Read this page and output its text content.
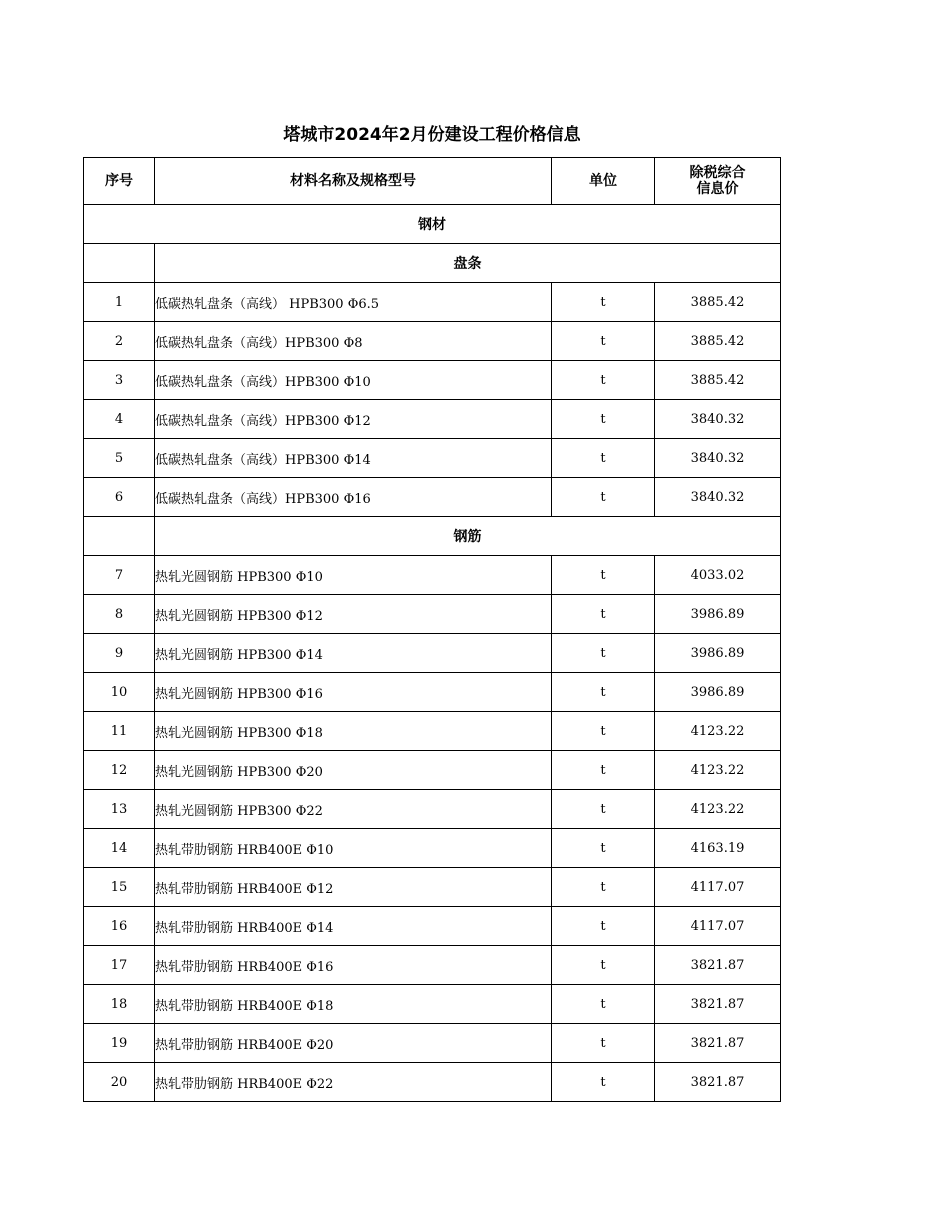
塔城市2024年2月份建设工程价格信息
序号	材料名称及规格型号	单位	除税综合
信息价

钢材			
	盘条		
1	低碳热轧盘条（高线） HPB300 Φ6.5	t	3885.42
2	低碳热轧盘条（高线）HPB300 Φ8	t	3885.42
3	低碳热轧盘条（高线）HPB300 Φ10	t	3885.42
4	低碳热轧盘条（高线）HPB300 Φ12	t	3840.32
5	低碳热轧盘条（高线）HPB300 Φ14	t	3840.32
6	低碳热轧盘条（高线）HPB300 Φ16	t	3840.32
	钢筋		
7	热轧光圆钢筋 HPB300 Φ10	t	4033.02
8	热轧光圆钢筋 HPB300 Φ12	t	3986.89
9	热轧光圆钢筋 HPB300 Φ14	t	3986.89
10	热轧光圆钢筋 HPB300 Φ16	t	3986.89
11	热轧光圆钢筋 HPB300 Φ18	t	4123.22
12	热轧光圆钢筋 HPB300 Φ20	t	4123.22
13	热轧光圆钢筋 HPB300 Φ22	t	4123.22
14	热轧带肋钢筋 HRB400E Φ10	t	4163.19
15	热轧带肋钢筋 HRB400E Φ12	t	4117.07
16	热轧带肋钢筋 HRB400E Φ14	t	4117.07
17	热轧带肋钢筋 HRB400E Φ16	t	3821.87
18	热轧带肋钢筋 HRB400E Φ18	t	3821.87
19	热轧带肋钢筋 HRB400E Φ20	t	3821.87
20	热轧带肋钢筋 HRB400E Φ22	t	3821.87
